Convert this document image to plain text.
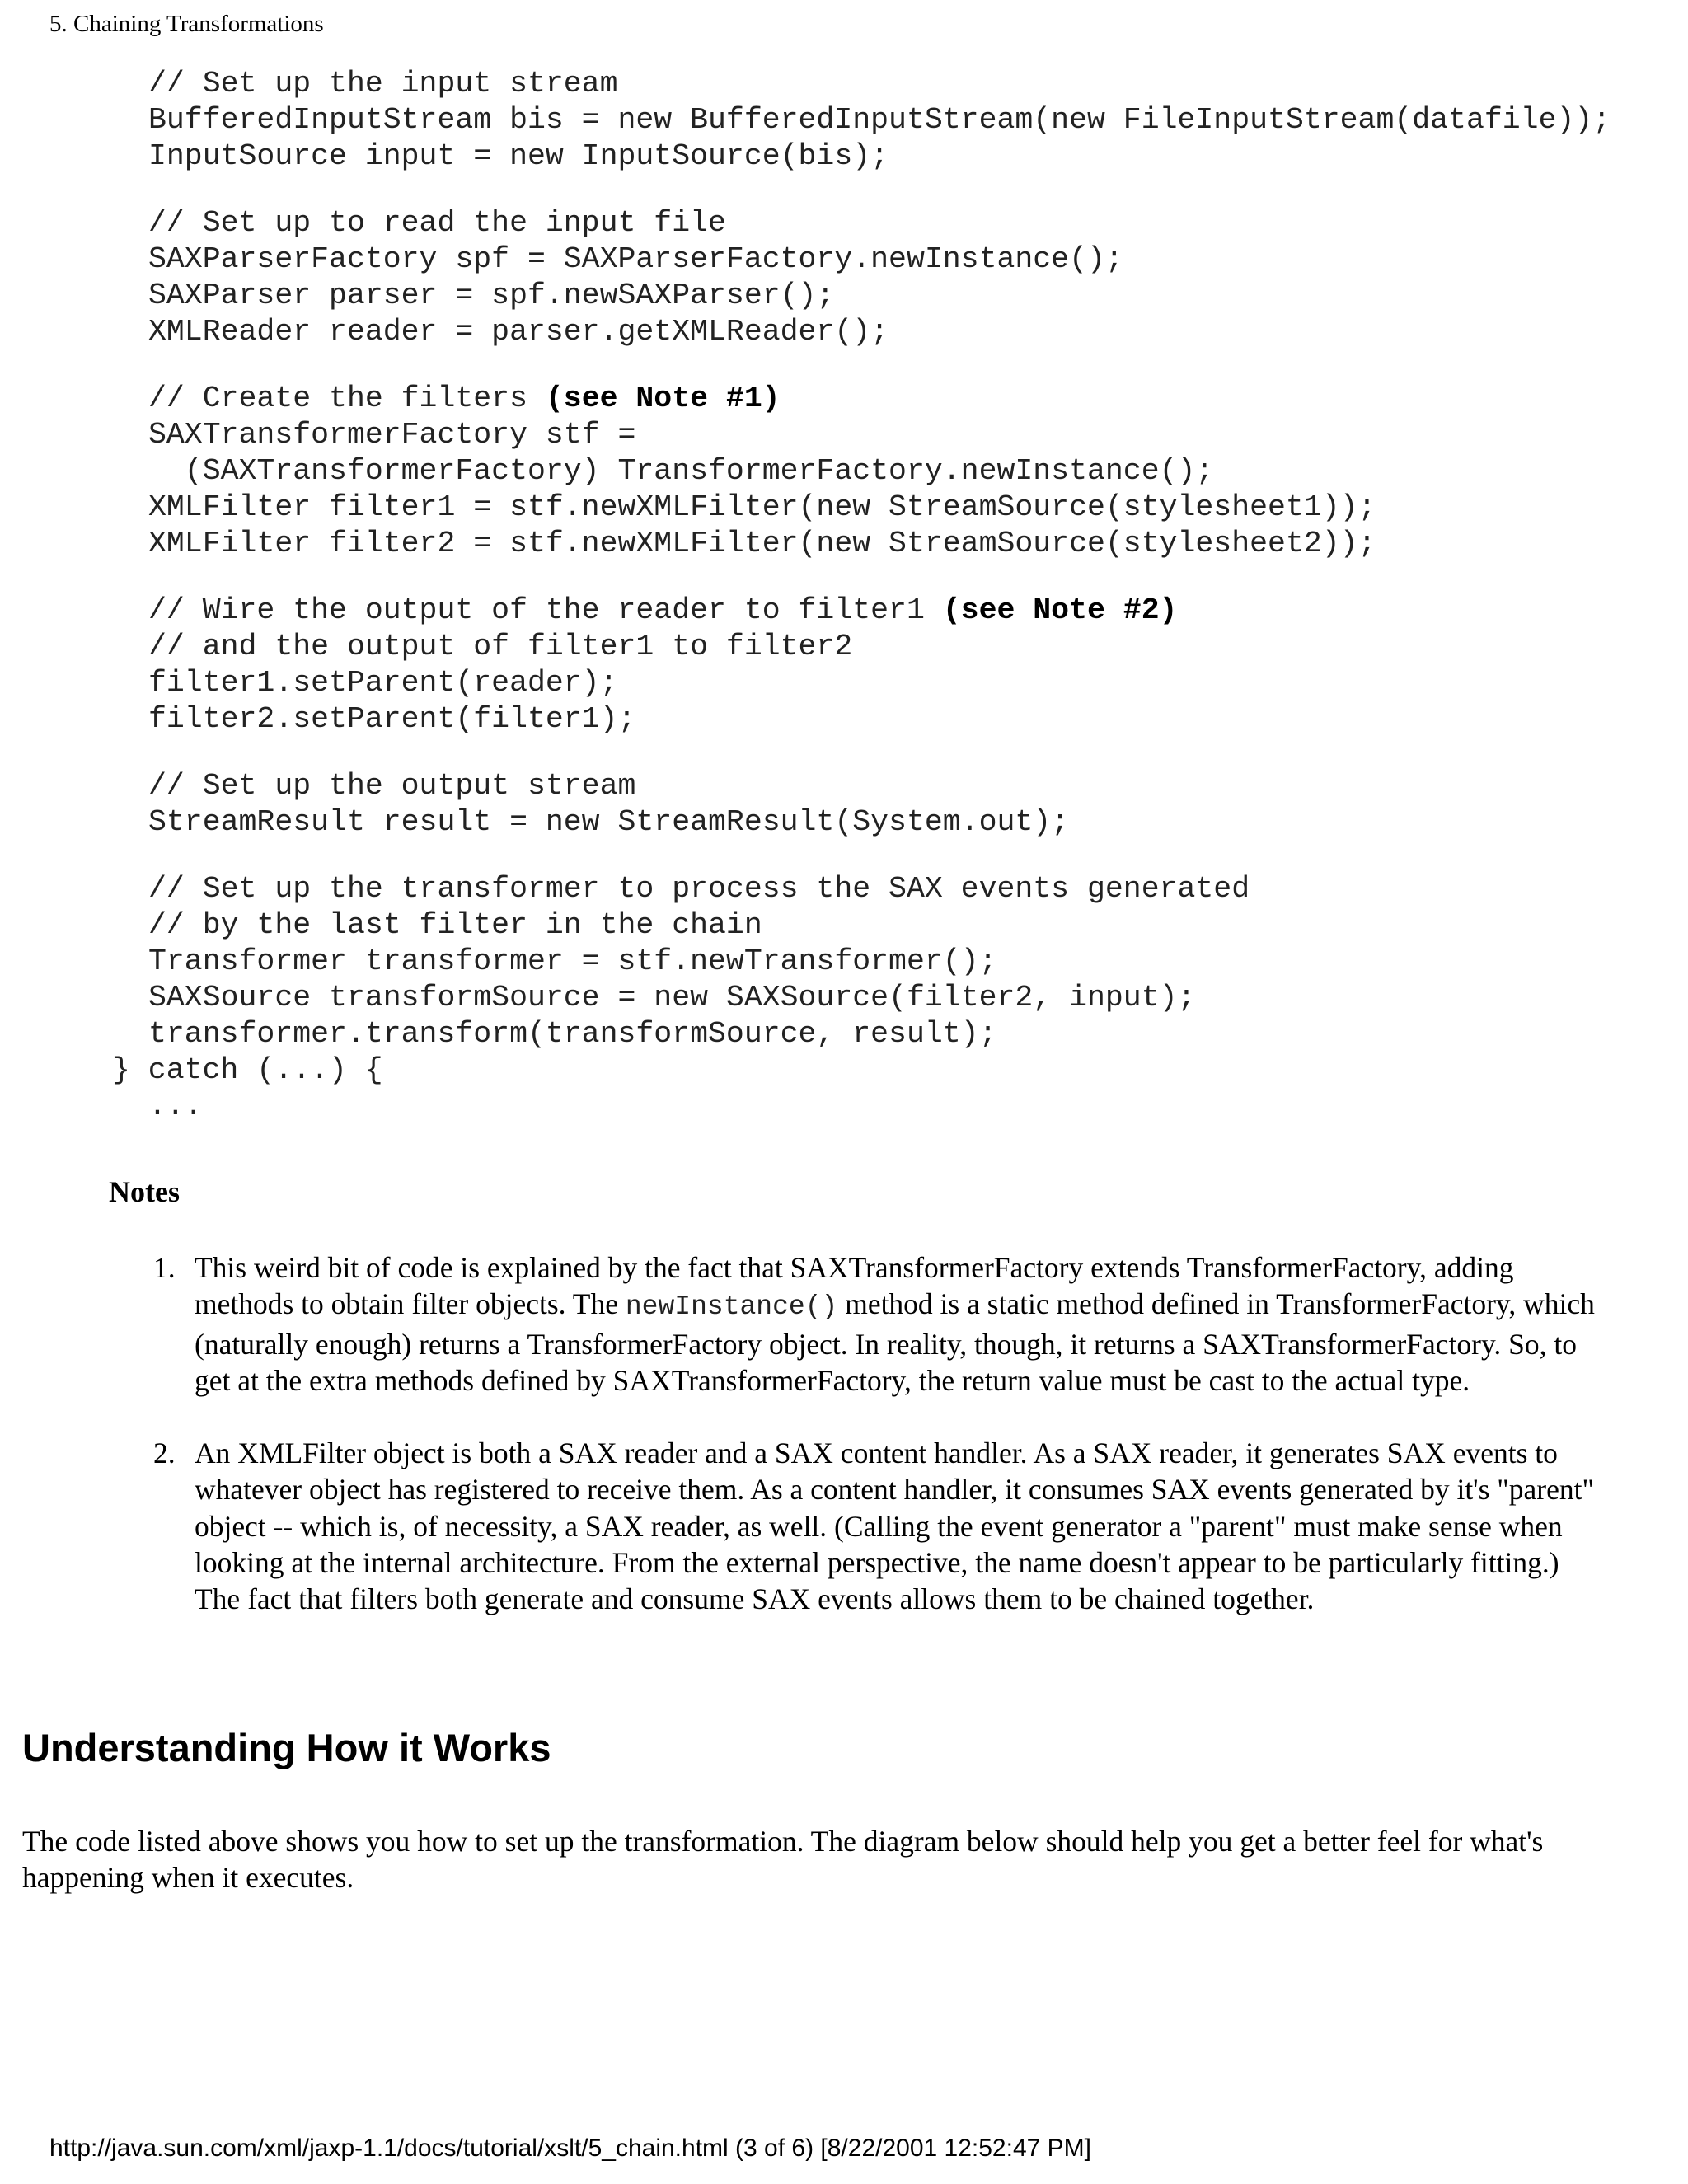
5. Chaining Transformations
// Set up the input stream
BufferedInputStream bis = new BufferedInputStream(new FileInputStream(datafile));
InputSource input = new InputSource(bis);
// Set up to read the input file
SAXParserFactory spf = SAXParserFactory.newInstance();
SAXParser parser = spf.newSAXParser();
XMLReader reader = parser.getXMLReader();
// Create the filters (see Note #1)
SAXTransformerFactory stf =
(SAXTransformerFactory) TransformerFactory.newInstance();
XMLFilter filter1 = stf.newXMLFilter(new StreamSource(stylesheet1));
XMLFilter filter2 = stf.newXMLFilter(new StreamSource(stylesheet2));
// Wire the output of the reader to filter1 (see Note #2)
// and the output of filter1 to filter2
filter1.setParent(reader);
filter2.setParent(filter1);
// Set up the output stream
StreamResult result = new StreamResult(System.out);
// Set up the transformer to process the SAX events generated
// by the last filter in the chain
Transformer transformer = stf.newTransformer();
SAXSource transformSource = new SAXSource(filter2, input);
transformer.transform(transformSource, result);
} catch (...) {
...
Notes
1. This weird bit of code is explained by the fact that SAXTransformerFactory extends TransformerFactory, adding methods to obtain filter objects. The newInstance() method is a static method defined in TransformerFactory, which (naturally enough) returns a TransformerFactory object. In reality, though, it returns a SAXTransformerFactory. So, to get at the extra methods defined by SAXTransformerFactory, the return value must be cast to the actual type.
2. An XMLFilter object is both a SAX reader and a SAX content handler. As a SAX reader, it generates SAX events to whatever object has registered to receive them. As a content handler, it consumes SAX events generated by it's "parent" object -- which is, of necessity, a SAX reader, as well. (Calling the event generator a "parent" must make sense when looking at the internal architecture. From the external perspective, the name doesn't appear to be particularly fitting.) The fact that filters both generate and consume SAX events allows them to be chained together.
Understanding How it Works

The code listed above shows you how to set up the transformation. The diagram below should help you get a better feel for what's happening when it executes.

http://java.sun.com/xml/jaxp-1.1/docs/tutorial/xslt/5_chain.html (3 of 6) [8/22/2001 12:52:47 PM]
